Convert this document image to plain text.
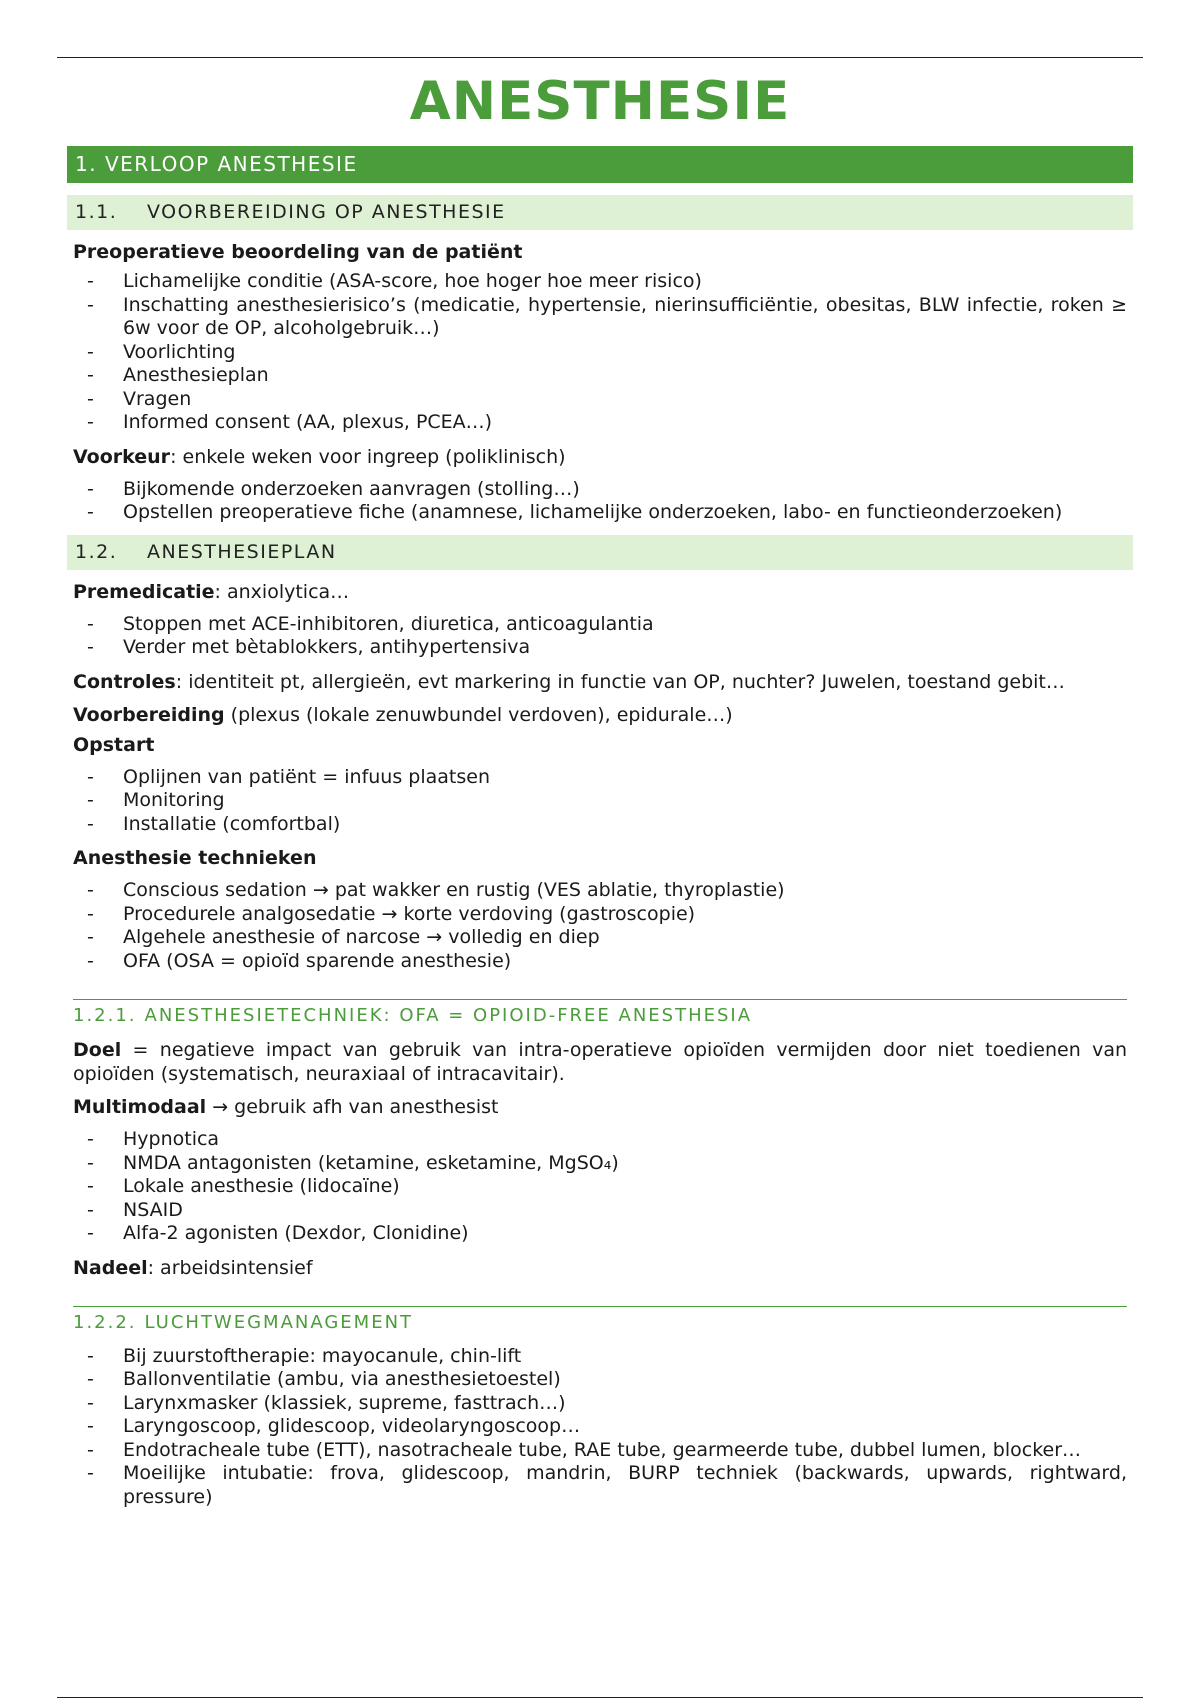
ANESTHESIE
1. VERLOOP ANESTHESIE
1.1.	VOORBEREIDING OP ANESTHESIE

Preoperatieve beoordeling van de patiënt

- Lichamelijke conditie (ASA-score, hoe hoger hoe meer risico)
- Inschatting anesthesierisico’s (medicatie, hypertensie, nierinsufficiëntie, obesitas, BLW infectie, roken ≥ 6w voor de OP, alcoholgebruik…)
- Voorlichting
- Anesthesieplan
- Vragen
- Informed consent (AA, plexus, PCEA…)

Voorkeur: enkele weken voor ingreep (poliklinisch)

- Bijkomende onderzoeken aanvragen (stolling…)
- Opstellen preoperatieve fiche (anamnese, lichamelijke onderzoeken, labo- en functieonderzoeken)
1.2.	ANESTHESIEPLAN

Premedicatie: anxiolytica…

- Stoppen met ACE-inhibitoren, diuretica, anticoagulantia
- Verder met bètablokkers, antihypertensiva

Controles: identiteit pt, allergieën, evt markering in functie van OP, nuchter? Juwelen, toestand gebit…

Voorbereiding (plexus (lokale zenuwbundel verdoven), epidurale…)

Opstart

- Oplijnen van patiënt = infuus plaatsen
- Monitoring
- Installatie (comfortbal)

Anesthesie technieken

- Conscious sedation → pat wakker en rustig (VES ablatie, thyroplastie)
- Procedurele analgosedatie → korte verdoving (gastroscopie)
- Algehele anesthesie of narcose → volledig en diep
- OFA (OSA = opioïd sparende anesthesie)
1.2.1. ANESTHESIETECHNIEK: OFA = OPIOID-FREE ANESTHESIA

Doel = negatieve impact van gebruik van intra-operatieve opioïden vermijden door niet toedienen van opioïden (systematisch, neuraxiaal of intracavitair).

Multimodaal → gebruik afh van anesthesist

- Hypnotica
- NMDA antagonisten (ketamine, esketamine, MgSO₄)
- Lokale anesthesie (lidocaïne)
- NSAID
- Alfa-2 agonisten (Dexdor, Clonidine)

Nadeel: arbeidsintensief

1.2.2. LUCHTWEGMANAGEMENT
- Bij zuurstoftherapie: mayocanule, chin-lift
- Ballonventilatie (ambu, via anesthesietoestel)
- Larynxmasker (klassiek, supreme, fasttrach…)
- Laryngoscoop, glidescoop, videolaryngoscoop…
- Endotracheale tube (ETT), nasotracheale tube, RAE tube, gearmeerde tube, dubbel lumen, blocker…
- Moeilijke intubatie: frova, glidescoop, mandrin, BURP techniek (backwards, upwards, rightward, pressure)
